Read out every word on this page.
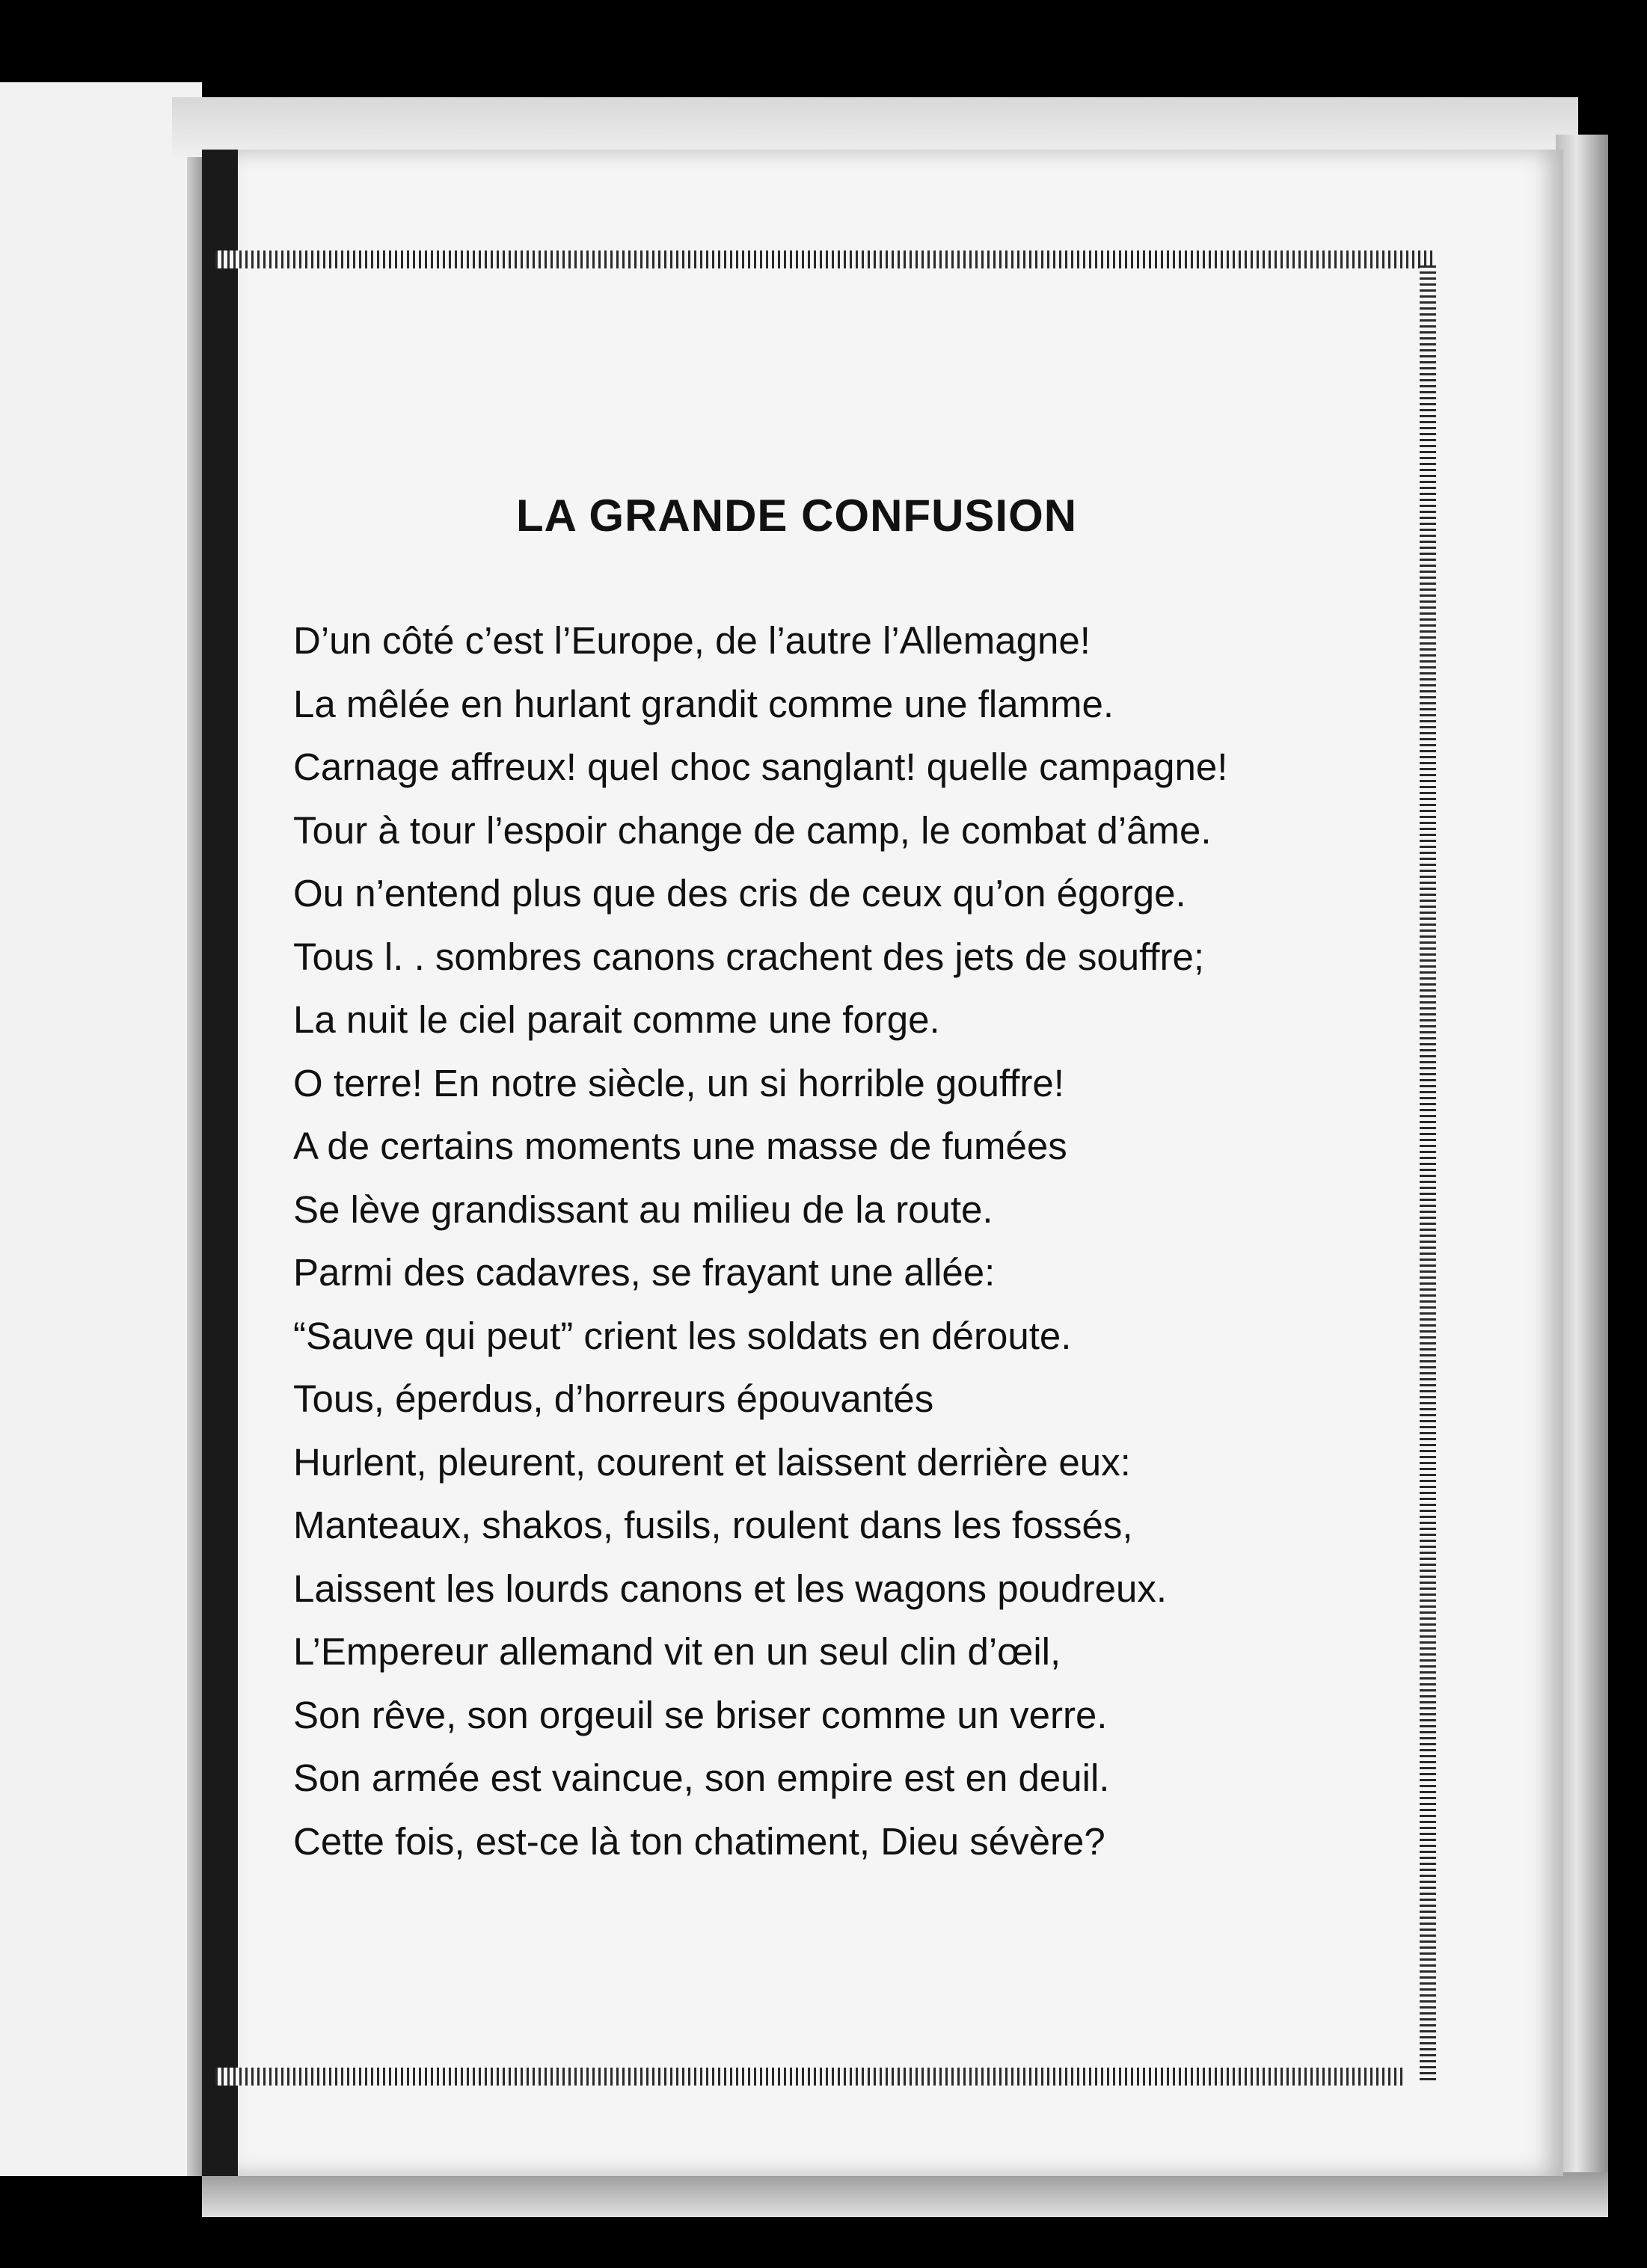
LA GRANDE CONFUSION
D’un côté c’est l’Europe, de l’autre l’Allemagne!
La mêlée en hurlant grandit comme une flamme.
Carnage affreux! quel choc sanglant! quelle campagne!
Tour à tour l’espoir change de camp, le combat d’âme.
Ou n’entend plus que des cris de ceux qu’on égorge.
Tous l. . sombres canons crachent des jets de souffre;
La nuit le ciel parait comme une forge.
O terre! En notre siècle, un si horrible gouffre!
A de certains moments une masse de fumées
Se lève grandissant au milieu de la route.
Parmi des cadavres, se frayant une allée:
“Sauve qui peut” crient les soldats en déroute.
Tous, éperdus, d’horreurs épouvantés
Hurlent, pleurent, courent et laissent derrière eux:
Manteaux, shakos, fusils, roulent dans les fossés,
Laissent les lourds canons et les wagons poudreux.
L’Empereur allemand vit en un seul clin d’œil,
Son rêve, son orgeuil se briser comme un verre.
Son armée est vaincue, son empire est en deuil.
Cette fois, est-ce là ton chatiment, Dieu sévère?
